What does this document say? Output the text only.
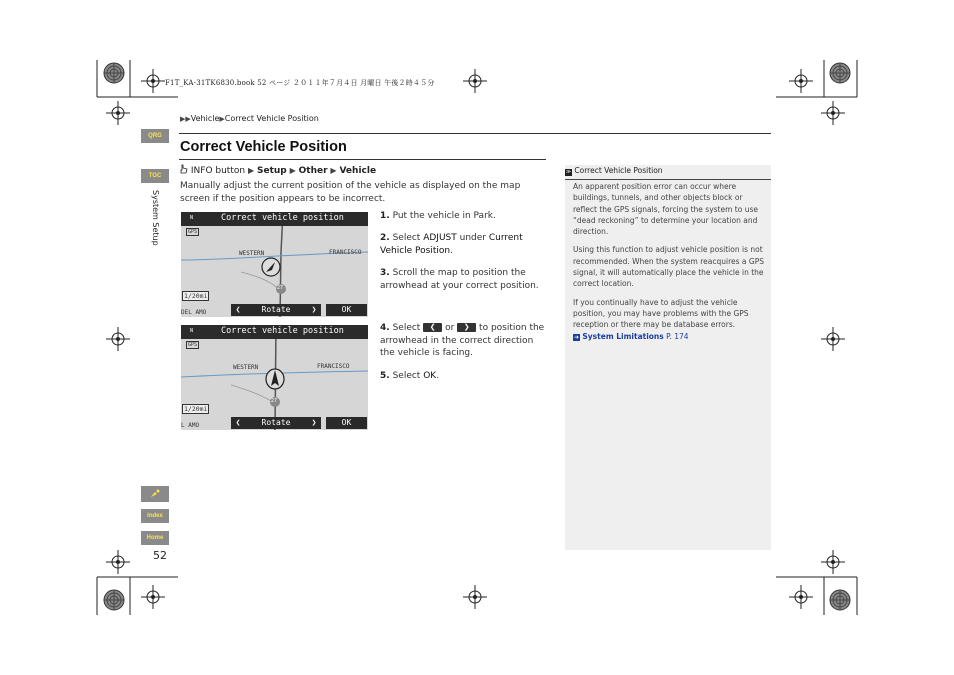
F1T_KA-31TK6830.book 52 ページ ２０１１年７月４日 月曜日 午後２時４５分
▶▶Vehicle▶Correct Vehicle Position
QRG
TOC
System Setup
Index
Home
52
Correct Vehicle Position
INFO button ▶ Setup ▶ Other ▶ Vehicle
Manually adjust the current position of the vehicle as displayed on the map screen if the position appears to be incorrect.
Correct vehicle position
N
GPS
WESTERN	FRANCISCO
27
1/20mi
DEL AMO	❮	Rotate	❯	OK
Correct vehicle position
N
GPS
WESTERN	FRANCISCO
27
1/20mi
L AMO	❮	Rotate	❯	OK
1. Put the vehicle in Park.
2. Select ADJUST under Current Vehicle Position.
3. Scroll the map to position the arrowhead at your correct position.
4. Select ❮ or ❯ to position the arrowhead in the correct direction the vehicle is facing.
5. Select OK.
≫ Correct Vehicle Position

An apparent position error can occur where buildings, tunnels, and other objects block or reflect the GPS signals, forcing the system to use “dead reckoning” to determine your location and direction.

Using this function to adjust vehicle position is not recommended. When the system reacquires a GPS signal, it will automatically place the vehicle in the correct location.

If you continually have to adjust the vehicle position, you may have problems with the GPS reception or there may be database errors.

➜ System Limitations P. 174
